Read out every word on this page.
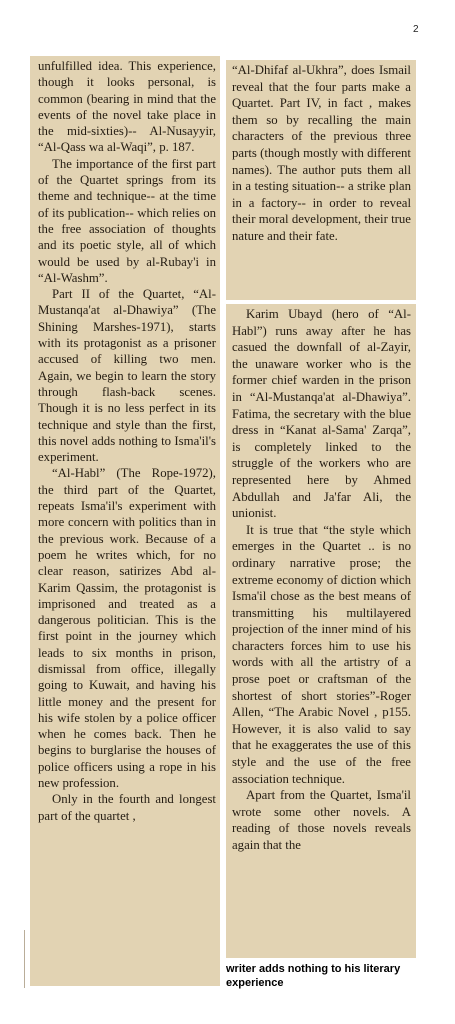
2

unfulfilled idea. This experience, though it looks personal, is common (bearing in mind that the events of the novel take place in the mid-sixties)-- Al-Nusayyir, “Al-Qass wa al-Waqi”, p. 187.

The importance of the first part of the Quartet springs from its theme and technique-- at the time of its publication-- which relies on the free association of thoughts and its poetic style, all of which would be used by al-Rubay'i in “Al-Washm”.

Part II of the Quartet, “Al-Mustanqa'at al-Dhawiya” (The Shining Marshes-1971), starts with its protagonist as a prisoner accused of killing two men. Again, we begin to learn the story through flash-back scenes. Though it is no less perfect in its technique and style than the first, this novel adds nothing to Isma'il's experiment.

“Al-Habl” (The Rope-1972), the third part of the Quartet, repeats Isma'il's experiment with more concern with politics than in the previous work. Because of a poem he writes which, for no clear reason, satirizes Abd al-Karim Qassim, the protagonist is imprisoned and treated as a dangerous politician. This is the first point in the journey which leads to six months in prison, dismissal from office, illegally going to Kuwait, and having his little money and the present for his wife stolen by a police officer when he comes back. Then he begins to burglarise the houses of police officers using a rope in his new profession.

Only in the fourth and longest part of the quartet ,

“Al-Dhifaf al-Ukhra”, does Ismail reveal that the four parts make a Quartet. Part IV, in fact , makes them so by recalling the main characters of the previous three parts (though mostly with different names). The author puts them all in a testing situation-- a strike plan in a factory-- in order to reveal their moral development, their true nature and their fate.

Karim Ubayd (hero of “Al-Habl”) runs away after he has casued the downfall of al-Zayir, the unaware worker who is the former chief warden in the prison in “Al-Mustanqa'at al-Dhawiya”. Fatima, the secretary with the blue dress in “Kanat al-Sama' Zarqa”, is completely linked to the struggle of the workers who are represented here by Ahmed Abdullah and Ja'far Ali, the unionist.

It is true that “the style which emerges in the Quartet .. is no ordinary narrative prose; the extreme economy of diction which Isma'il chose as the best means of transmitting his multilayered projection of the inner mind of his characters forces him to use his words with all the artistry of a prose poet or craftsman of the shortest of short stories”-Roger Allen, “The Arabic Novel , p155. However, it is also valid to say that he exaggerates the use of this style and the use of the free association technique.

Apart from the Quartet, Isma'il wrote some other novels. A reading of those novels reveals again that the

writer adds nothing to his literary experience
